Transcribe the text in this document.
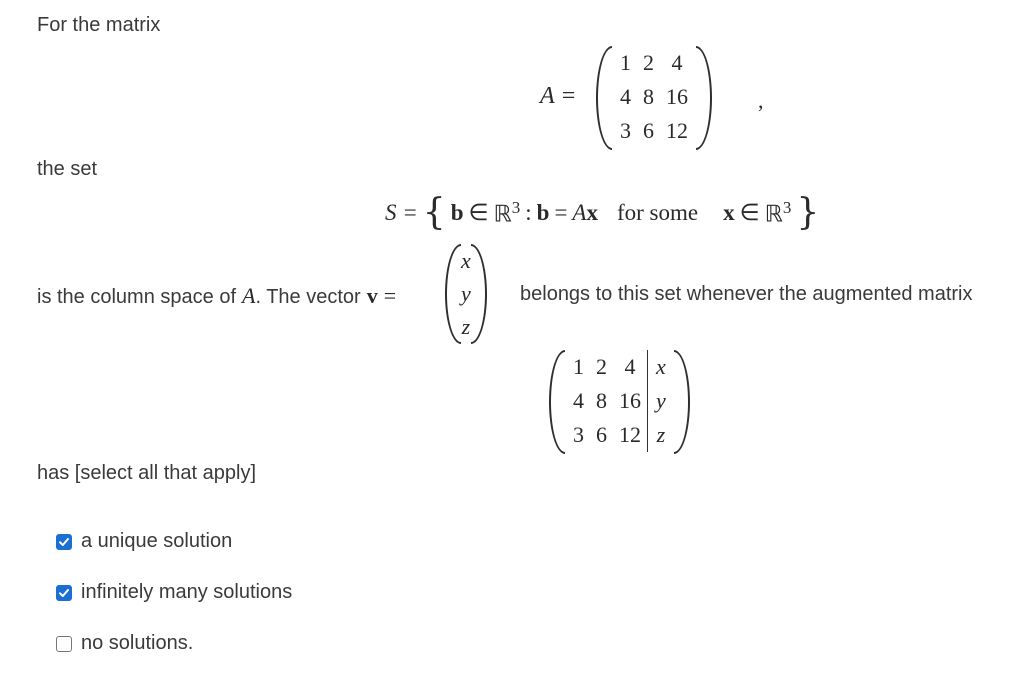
For the matrix
A =
1	2	4
4	8	16
3	6	12
,
the set
S = { b ∈ ℝ$^3$ : b = Ax for some x ∈ ℝ$^3$ }
is the column space of A . The vector v =
x
y
z
belongs to this set whenever the augmented matrix
1	2	4	x
4	8	16	y
3	6	12	z
has [select all that apply]
a unique solution
infinitely many solutions
no solutions.
